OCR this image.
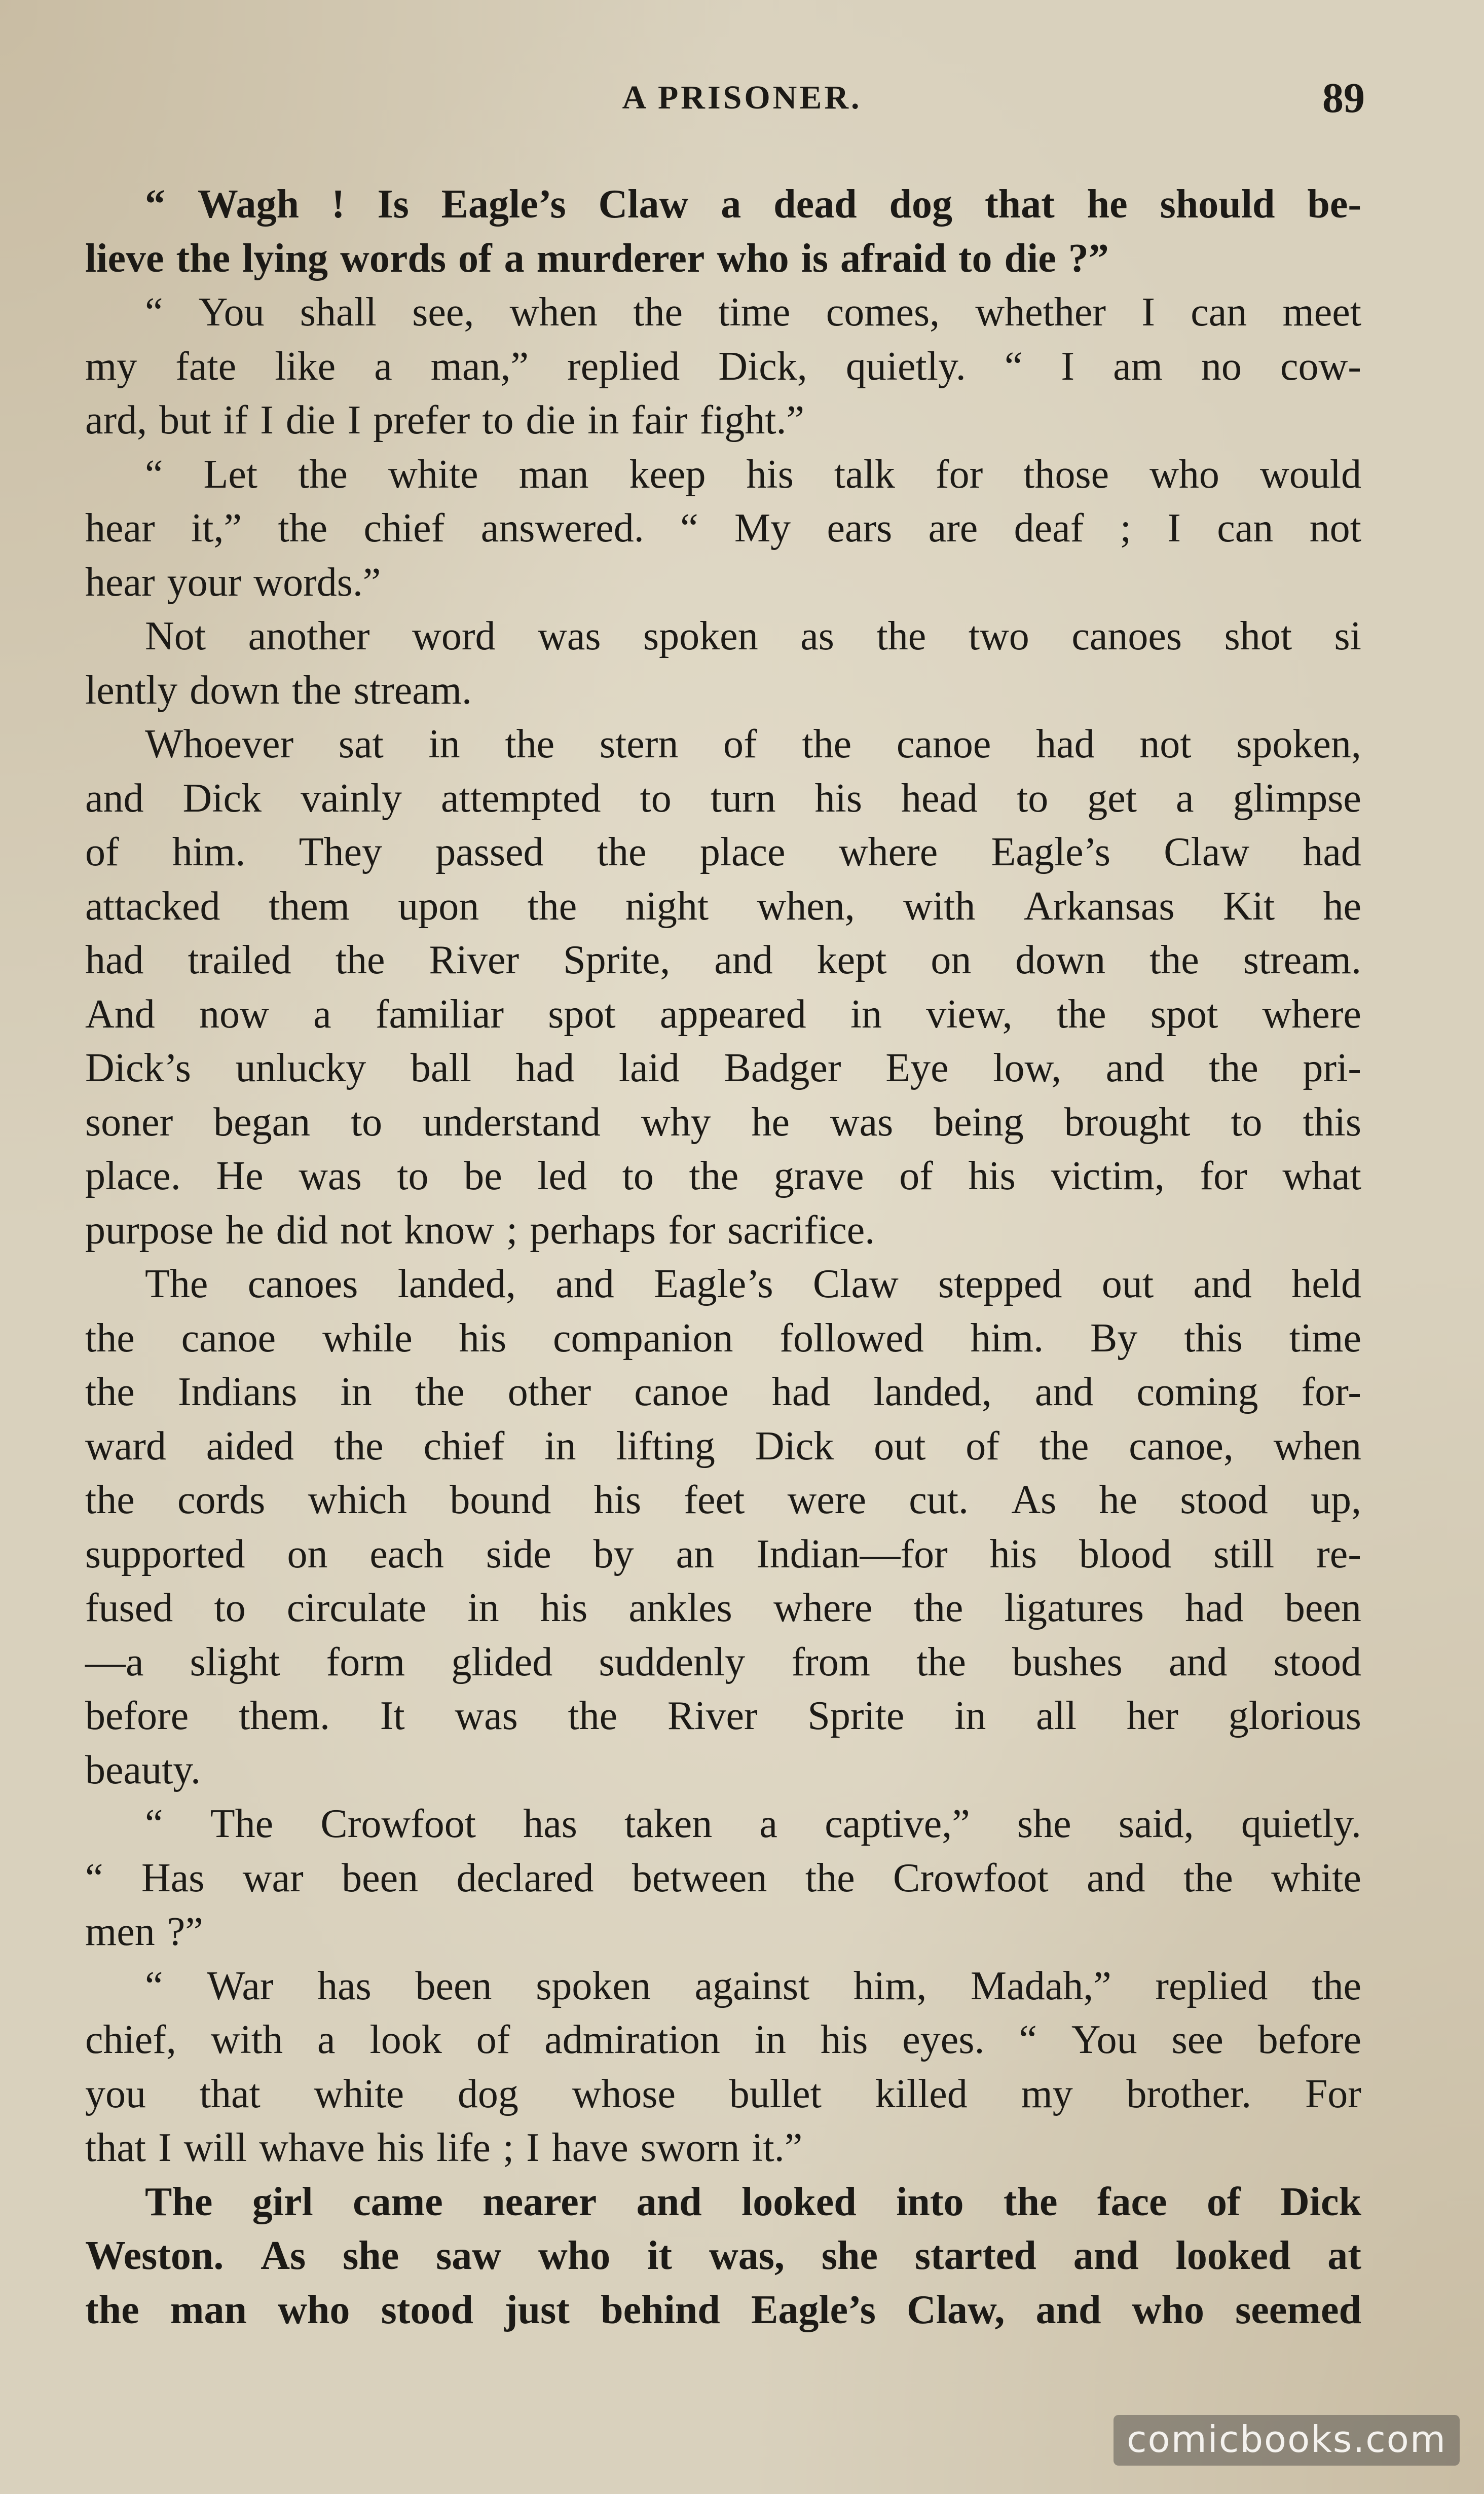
A PRISONER.	89
“ Wagh ! Is Eagle’s Claw a dead dog that he should be-
lieve the lying words of a murderer who is afraid to die ?”
“ You shall see, when the time comes, whether I can meet
my fate like a man,” replied Dick, quietly. “ I am no cow-
ard, but if I die I prefer to die in fair fight.”
“ Let the white man keep his talk for those who would
hear it,” the chief answered. “ My ears are deaf ; I can not
hear your words.”
Not another word was spoken as the two canoes shot si
lently down the stream.
Whoever sat in the stern of the canoe had not spoken,
and Dick vainly attempted to turn his head to get a glimpse
of him. They passed the place where Eagle’s Claw had
attacked them upon the night when, with Arkansas Kit he
had trailed the River Sprite, and kept on down the stream.
And now a familiar spot appeared in view, the spot where
Dick’s unlucky ball had laid Badger Eye low, and the pri-
soner began to understand why he was being brought to this
place. He was to be led to the grave of his victim, for what
purpose he did not know ; perhaps for sacrifice.
The canoes landed, and Eagle’s Claw stepped out and held
the canoe while his companion followed him. By this time
the Indians in the other canoe had landed, and coming for-
ward aided the chief in lifting Dick out of the canoe, when
the cords which bound his feet were cut. As he stood up,
supported on each side by an Indian—for his blood still re-
fused to circulate in his ankles where the ligatures had been
—a slight form glided suddenly from the bushes and stood
before them. It was the River Sprite in all her glorious
beauty.
“ The Crowfoot has taken a captive,” she said, quietly.
“ Has war been declared between the Crowfoot and the white
men ?”
“ War has been spoken against him, Madah,” replied the
chief, with a look of admiration in his eyes. “ You see before
you that white dog whose bullet killed my brother. For
that I will whave his life ; I have sworn it.”
The girl came nearer and looked into the face of Dick
Weston. As she saw who it was, she started and looked at
the man who stood just behind Eagle’s Claw, and who seemed
comicbooks.com
